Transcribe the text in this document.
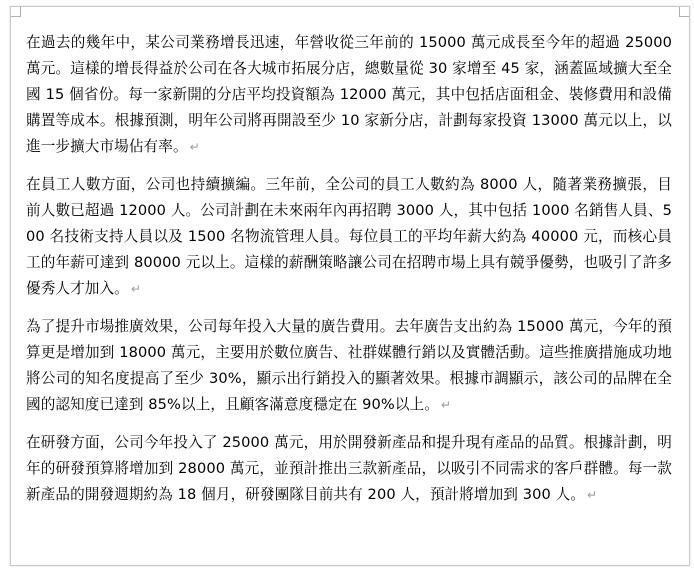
在過去的幾年中，某公司業務增長迅速，年營收從三年前的 15000 萬元成長至今年的超過 25000 萬元。這樣的增長得益於公司在各大城市拓展分店，總數量從 30 家增至 45 家，涵蓋區域擴大至全國 15 個省份。每一家新開的分店平均投資額為 12000 萬元，其中包括店面租金、裝修費用和設備購置等成本。根據預測，明年公司將再開設至少 10 家新分店，計劃每家投資 13000 萬元以上，以進一步擴大市場佔有率。 ↵

在員工人數方面，公司也持續擴編。三年前，全公司的員工人數約為 8000 人，隨著業務擴張，目前人數已超過 12000 人。公司計劃在未來兩年內再招聘 3000 人，其中包括 1000 名銷售人員、500 名技術支持人員以及 1500 名物流管理人員。每位員工的平均年薪大約為 40000 元，而核心員工的年薪可達到 80000 元以上。這樣的薪酬策略讓公司在招聘市場上具有競爭優勢，也吸引了許多優秀人才加入。 ↵

為了提升市場推廣效果，公司每年投入大量的廣告費用。去年廣告支出約為 15000 萬元，今年的預算更是增加到 18000 萬元，主要用於數位廣告、社群媒體行銷以及實體活動。這些推廣措施成功地將公司的知名度提高了至少 30%，顯示出行銷投入的顯著效果。根據市調顯示，該公司的品牌在全國的認知度已達到 85%以上，且顧客滿意度穩定在 90%以上。 ↵

在研發方面，公司今年投入了 25000 萬元，用於開發新產品和提升現有產品的品質。根據計劃，明年的研發預算將增加到 28000 萬元，並預計推出三款新產品，以吸引不同需求的客戶群體。每一款新產品的開發週期約為 18 個月，研發團隊目前共有 200 人，預計將增加到 300 人。 ↵
